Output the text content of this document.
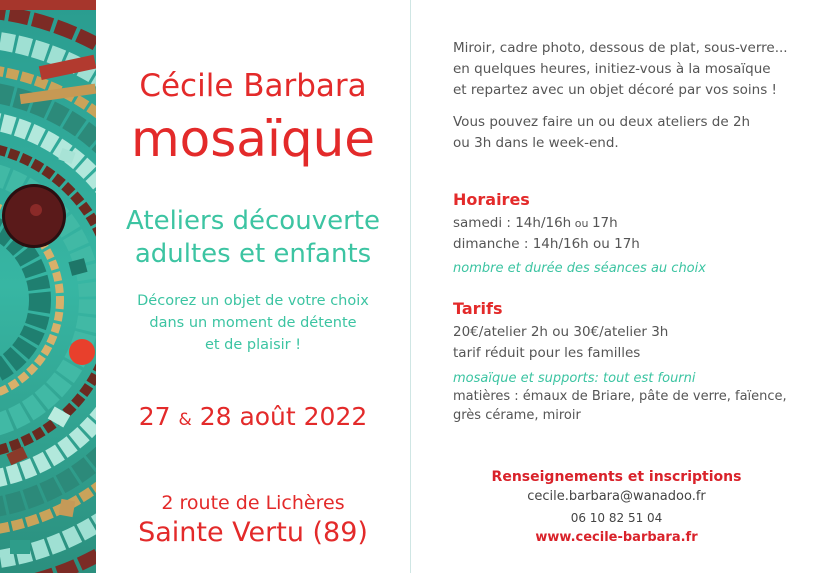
Cécile Barbara
mosaïque
Ateliers découverte
adultes et enfants
Décorez un objet de votre choix
dans un moment de détente
et de plaisir !
27 & 28 août 2022
2 route de Lichères
Sainte Vertu (89)
Miroir, cadre photo, dessous de plat, sous-verre...
en quelques heures, initiez-vous à la mosaïque
et repartez avec un objet décoré par vos soins !
Vous pouvez faire un ou deux ateliers de 2h
ou 3h dans le week-end.
Horaires
samedi : 14h/16h ou 17h
dimanche : 14h/16h ou 17h
nombre et durée des séances au choix
Tarifs
20€/atelier 2h ou 30€/atelier 3h
tarif réduit pour les familles
mosaïque et supports: tout est fourni
matières : émaux de Briare, pâte de verre, faïence,
grès cérame, miroir
Renseignements et inscriptions
cecile.barbara@wanadoo.fr
06 10 82 51 04
www.cecile-barbara.fr
